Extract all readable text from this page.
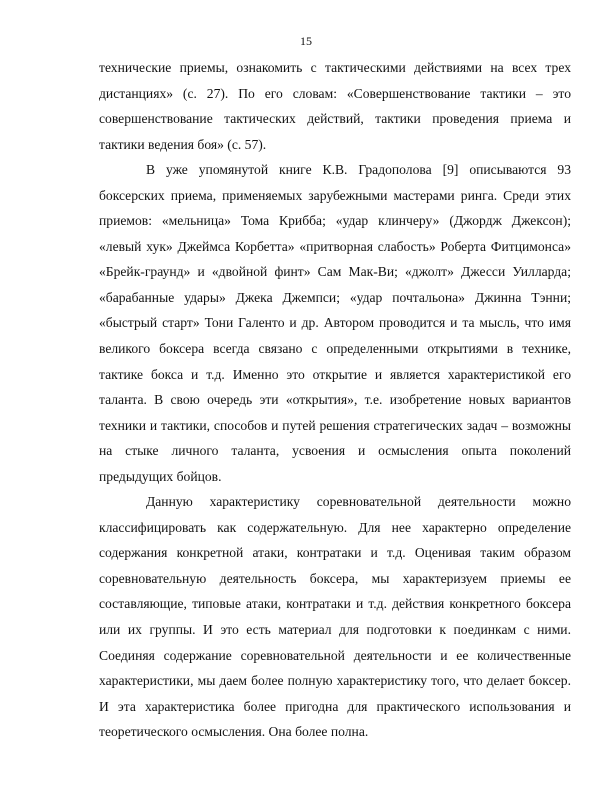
15

технические приемы, ознакомить с тактическими действиями на всех трех дистанциях» (с. 27). По его словам: «Совершенствование тактики – это совершенствование тактических действий, тактики проведения приема и тактики ведения боя» (с. 57).

В уже упомянутой книге К.В. Градополова [9] описываются 93 боксерских приема, применяемых зарубежными мастерами ринга. Среди этих приемов: «мельница» Тома Крибба; «удар клинчеру» (Джордж Джексон); «левый хук» Джеймса Корбетта» «притворная слабость» Роберта Фитцимонса» «Брейк-граунд» и «двойной финт» Сам Мак-Ви; «джолт» Джесси Уилларда; «барабанные удары» Джека Джемпси; «удар почтальона» Джинна Тэнни; «быстрый старт» Тони Галенто и др. Автором проводится и та мысль, что имя великого боксера всегда связано с определенными открытиями в технике, тактике бокса и т.д. Именно это открытие и является характеристикой его таланта. В свою очередь эти «открытия», т.е. изобретение новых вариантов техники и тактики, способов и путей решения стратегических задач – возможны на стыке личного таланта, усвоения и осмысления опыта поколений предыдущих бойцов.

Данную характеристику соревновательной деятельности можно классифицировать как содержательную. Для нее характерно определение содержания конкретной атаки, контратаки и т.д. Оценивая таким образом соревновательную деятельность боксера, мы характеризуем приемы ее составляющие, типовые атаки, контратаки и т.д. действия конкретного боксера или их группы. И это есть материал для подготовки к поединкам с ними. Соединяя содержание соревновательной деятельности и ее количественные характеристики, мы даем более полную характеристику того, что делает боксер. И эта характеристика более пригодна для практического использования и теоретического осмысления. Она более полна.
